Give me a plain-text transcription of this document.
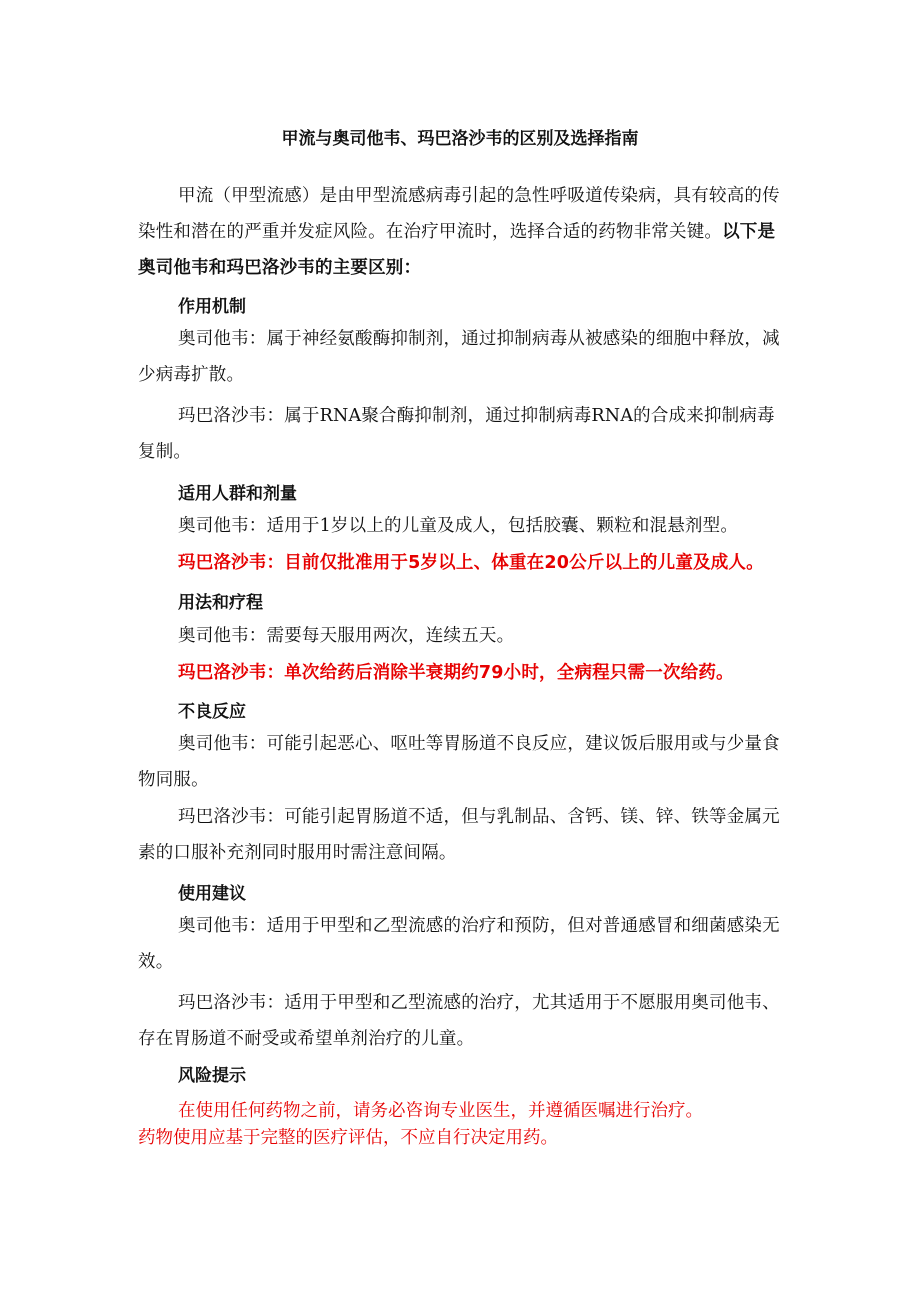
甲流与奥司他韦、玛巴洛沙韦的区别及选择指南

甲流（甲型流感）是由甲型流感病毒引起的急性呼吸道传染病，具有较高的传染性和潜在的严重并发症风险。在治疗甲流时，选择合适的药物非常关键。以下是奥司他韦和玛巴洛沙韦的主要区别：

作用机制

奥司他韦：属于神经氨酸酶抑制剂，通过抑制病毒从被感染的细胞中释放，减少病毒扩散。

玛巴洛沙韦：属于RNA聚合酶抑制剂，通过抑制病毒RNA的合成来抑制病毒复制。

适用人群和剂量

奥司他韦：适用于1岁以上的儿童及成人，包括胶囊、颗粒和混悬剂型。

玛巴洛沙韦：目前仅批准用于5岁以上、体重在20公斤以上的儿童及成人。

用法和疗程

奥司他韦：需要每天服用两次，连续五天。

玛巴洛沙韦：单次给药后消除半衰期约79小时，全病程只需一次给药。

不良反应

奥司他韦：可能引起恶心、呕吐等胃肠道不良反应，建议饭后服用或与少量食物同服。

玛巴洛沙韦：可能引起胃肠道不适，但与乳制品、含钙、镁、锌、铁等金属元素的口服补充剂同时服用时需注意间隔。

使用建议

奥司他韦：适用于甲型和乙型流感的治疗和预防，但对普通感冒和细菌感染无效。

玛巴洛沙韦：适用于甲型和乙型流感的治疗，尤其适用于不愿服用奥司他韦、存在胃肠道不耐受或希望单剂治疗的儿童。

风险提示

在使用任何药物之前，请务必咨询专业医生，并遵循医嘱进行治疗。

药物使用应基于完整的医疗评估，不应自行决定用药。
